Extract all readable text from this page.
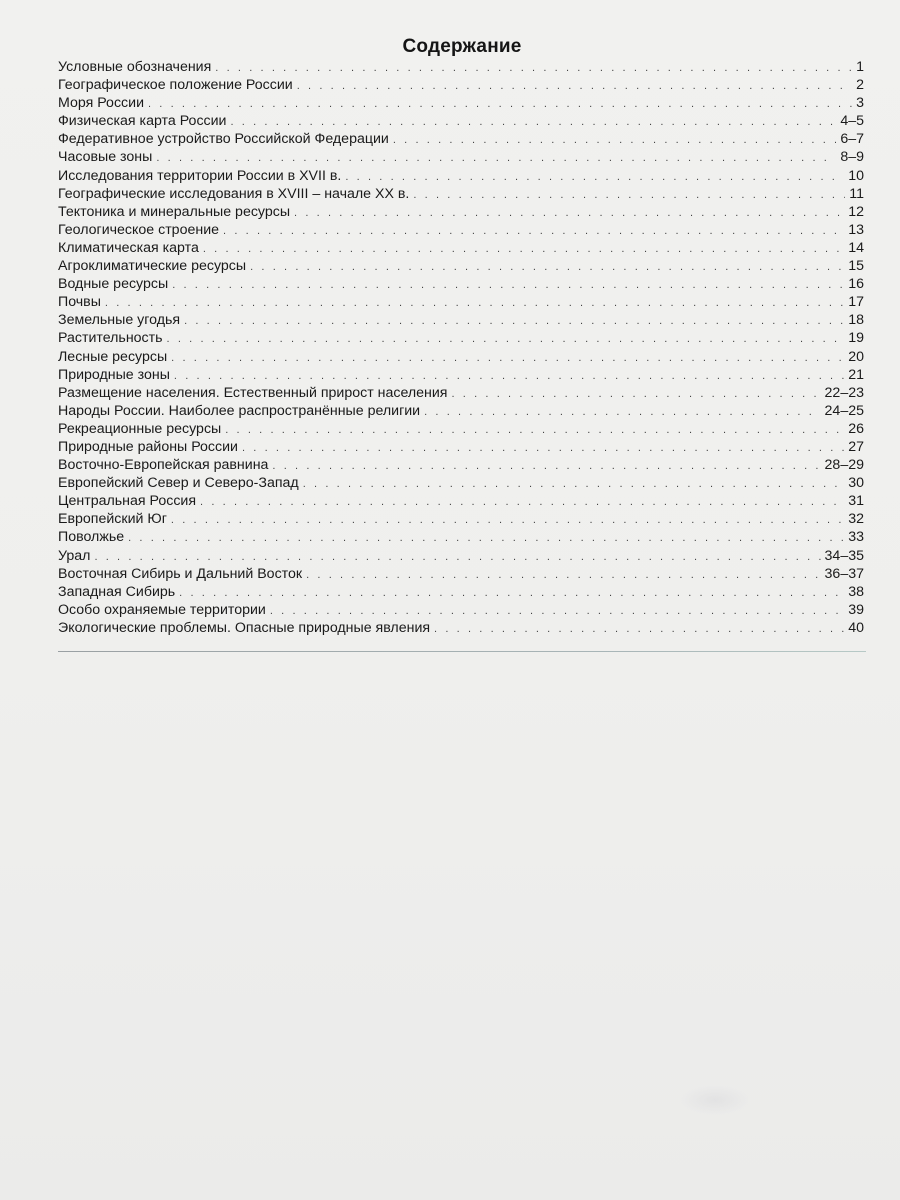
Содержание
Условные обозначения . . .	1
Географическое положение России . . .	2
Моря России . . .	3
Физическая карта России . . .	4–5
Федеративное устройство Российской Федерации . . .	6–7
Часовые зоны . . .	8–9
Исследования территории России в XVII в. . . .	10
Географические исследования в XVIII – начале XX в. . . .	11
Тектоника и минеральные ресурсы . . .	12
Геологическое строение . . .	13
Климатическая карта . . .	14
Агроклиматические ресурсы . . .	15
Водные ресурсы . . .	16
Почвы . . .	17
Земельные угодья . . .	18
Растительность . . .	19
Лесные ресурсы . . .	20
Природные зоны . . .	21
Размещение населения. Естественный прирост населения . . .	22–23
Народы России. Наиболее распространённые религии . . .	24–25
Рекреационные ресурсы . . .	26
Природные районы России . . .	27
Восточно-Европейская равнина . . .	28–29
Европейский Север и Северо-Запад . . .	30
Центральная Россия . . .	31
Европейский Юг . . .	32
Поволжье . . .	33
Урал . . .	34–35
Восточная Сибирь и Дальний Восток . . .	36–37
Западная Сибирь . . .	38
Особо охраняемые территории . . .	39
Экологические проблемы. Опасные природные явления . . .	40
